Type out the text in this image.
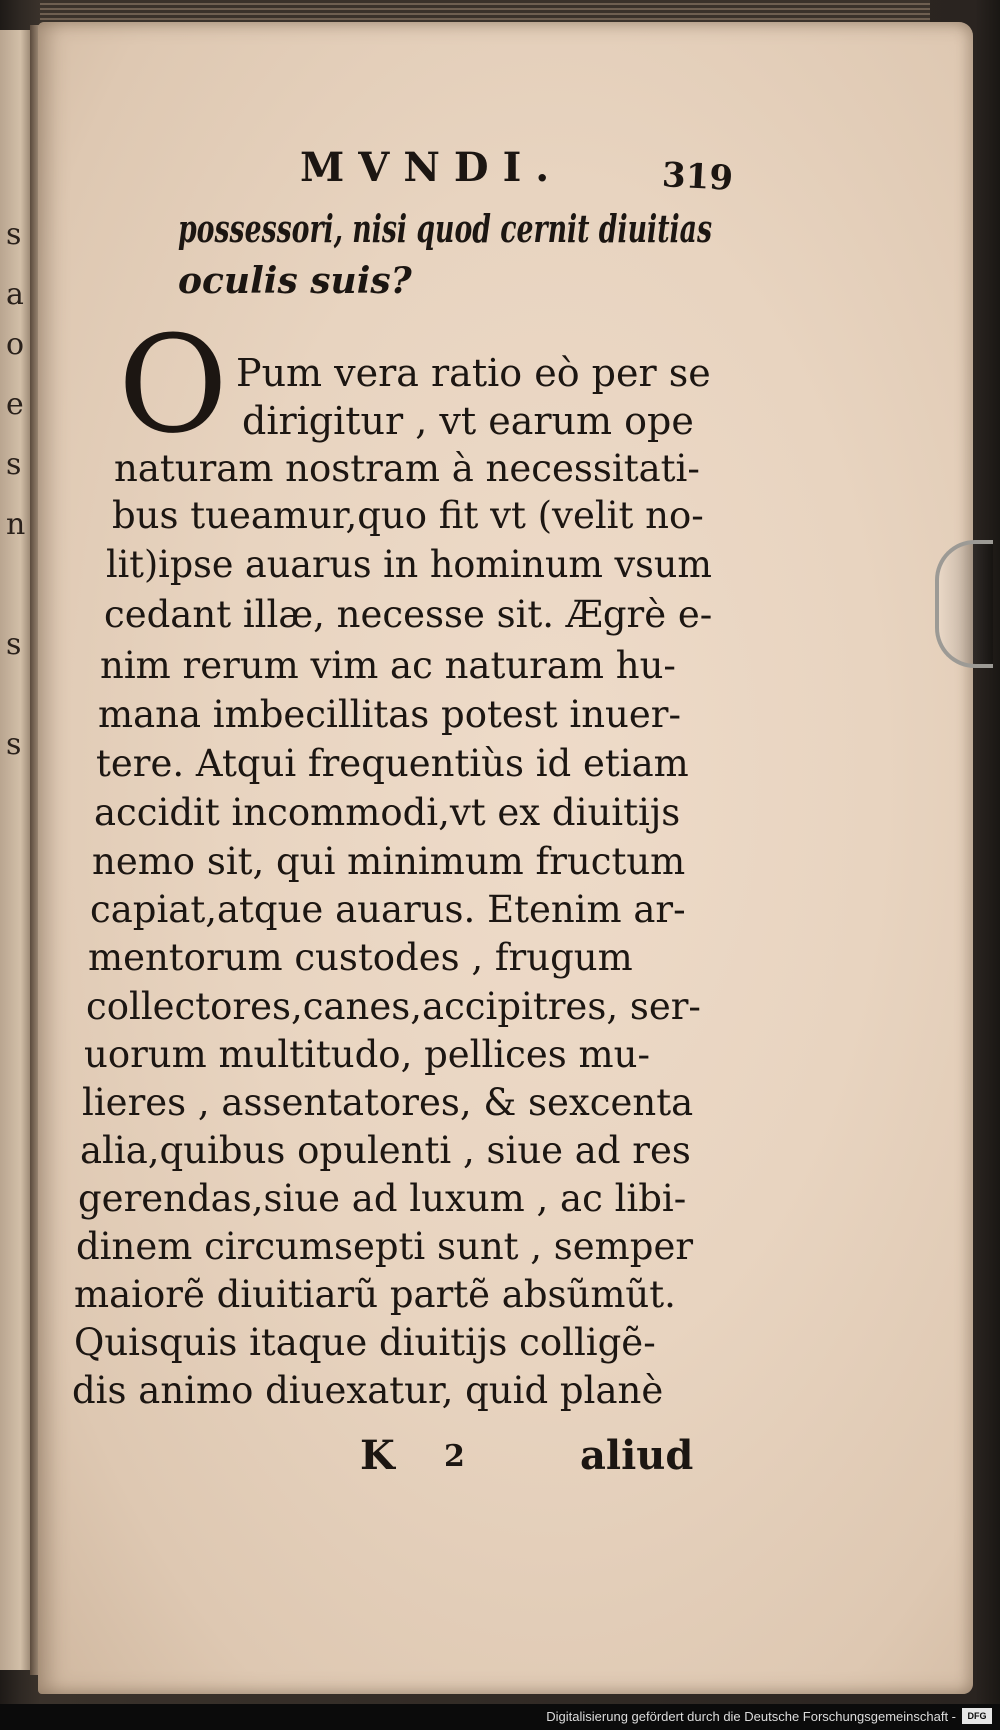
s
a
o
e
s
n
s
s
MVNDI.	319
possessori, nisi quod cernit diuitias
oculis suis?
O Pum vera ratio eò per se
dirigitur , vt earum ope
naturam nostram à necessitati-
bus tueamur,quo fit vt (velit no-
lit)ipse auarus in hominum vsum
cedant illæ, necesse sit. Ægrè e-
nim rerum vim ac naturam hu-
mana imbecillitas potest inuer-
tere. Atqui frequentiùs id etiam
accidit incommodi,vt ex diuitijs
nemo sit, qui minimum fructum
capiat,atque auarus. Etenim ar-
mentorum custodes , frugum
collectores,canes,accipitres, ser-
uorum multitudo, pellices mu-
lieres , assentatores, & sexcenta
alia,quibus opulenti , siue ad res
gerendas,siue ad luxum , ac libi-
dinem circumsepti sunt , semper
maiorẽ diuitiarũ partẽ absũmũt.
Quisquis itaque diuitijs colligẽ-
dis animo diuexatur, quid planè
K 2	aliud
Digitalisierung gefördert durch die Deutsche Forschungsgemeinschaft -	DFG
